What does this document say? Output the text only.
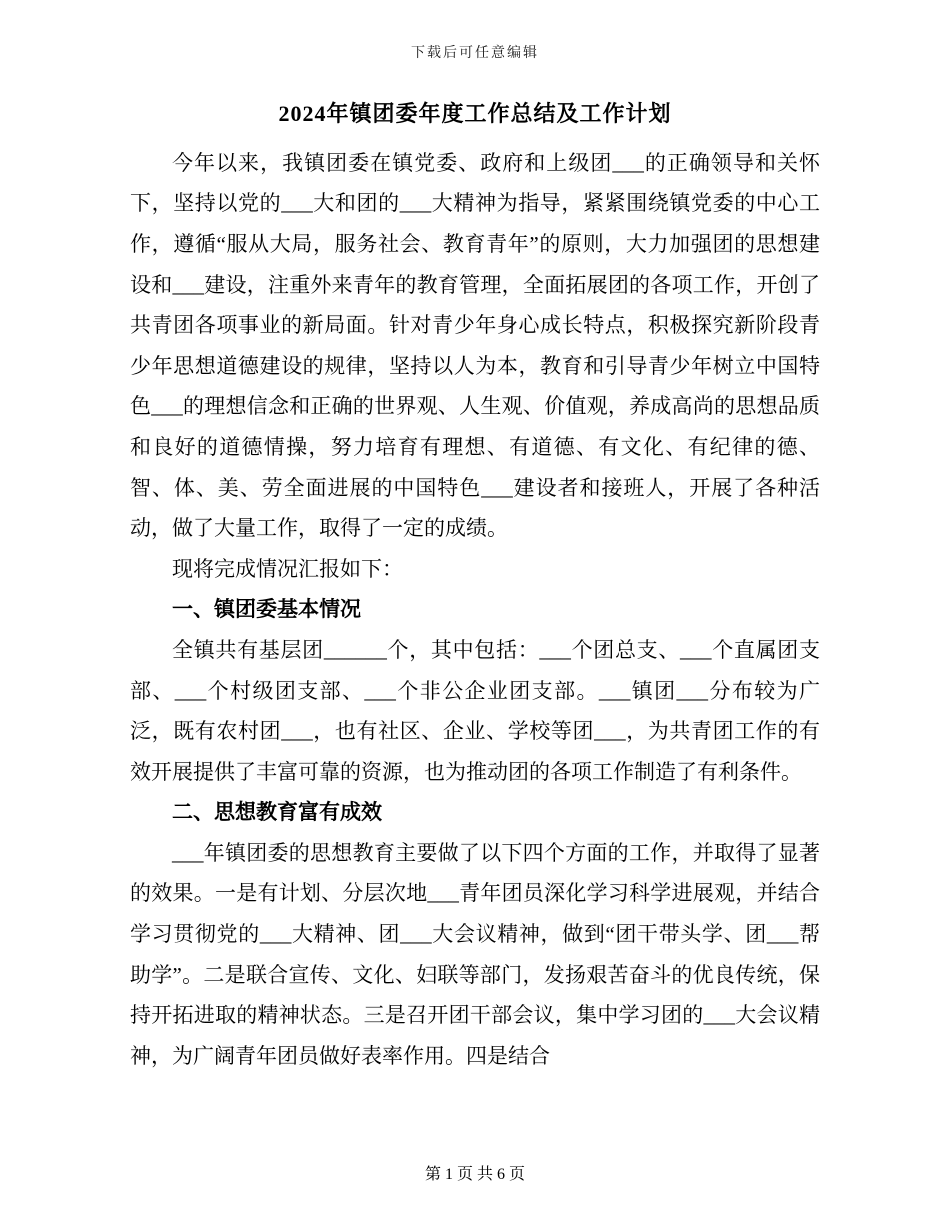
下载后可任意编辑
2024年镇团委年度工作总结及工作计划

今年以来，我镇团委在镇党委、政府和上级团___的正确领导和关怀下，坚持以党的___大和团的___大精神为指导，紧紧围绕镇党委的中心工作，遵循“服从大局，服务社会、教育青年”的原则，大力加强团的思想建设和___建设，注重外来青年的教育管理，全面拓展团的各项工作，开创了共青团各项事业的新局面。针对青少年身心成长特点，积极探究新阶段青少年思想道德建设的规律，坚持以人为本，教育和引导青少年树立中国特色___的理想信念和正确的世界观、人生观、价值观，养成高尚的思想品质和良好的道德情操，努力培育有理想、有道德、有文化、有纪律的德、智、体、美、劳全面进展的中国特色___建设者和接班人，开展了各种活动，做了大量工作，取得了一定的成绩。

现将完成情况汇报如下：

一、镇团委基本情况

全镇共有基层团______个，其中包括：___个团总支、___个直属团支部、___个村级团支部、___个非公企业团支部。___镇团___分布较为广泛，既有农村团___，也有社区、企业、学校等团___，为共青团工作的有效开展提供了丰富可靠的资源，也为推动团的各项工作制造了有利条件。

二、思想教育富有成效

___年镇团委的思想教育主要做了以下四个方面的工作，并取得了显著的效果。一是有计划、分层次地___青年团员深化学习科学进展观，并结合学习贯彻党的___大精神、团___大会议精神，做到“团干带头学、团___帮助学”。二是联合宣传、文化、妇联等部门，发扬艰苦奋斗的优良传统，保持开拓进取的精神状态。三是召开团干部会议，集中学习团的___大会议精神，为广阔青年团员做好表率作用。四是结合

第 1 页 共 6 页
